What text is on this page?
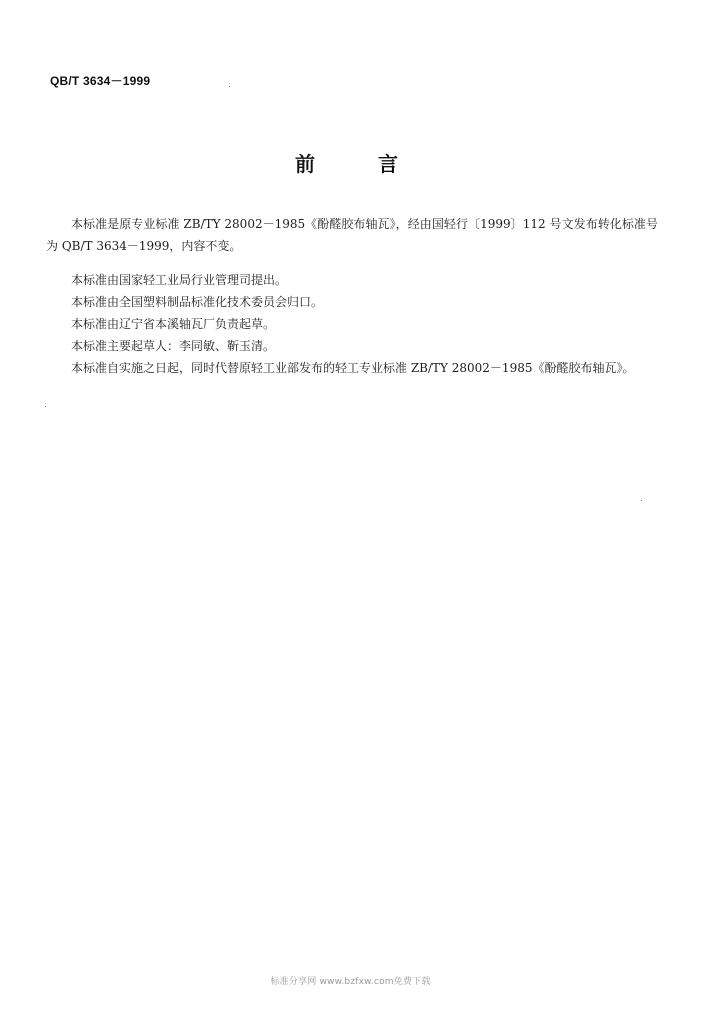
QB/T 3634－1999
前 言

本标准是原专业标准 ZB/TY 28002－1985《酚醛胶布轴瓦》，经由国轻行〔1999〕112 号文发布转化标准号为 QB/T 3634－1999，内容不变。

本标准由国家轻工业局行业管理司提出。

本标准由全国塑料制品标准化技术委员会归口。

本标准由辽宁省本溪轴瓦厂负责起草。

本标准主要起草人：李同敏、靳玉清。

本标准自实施之日起，同时代替原轻工业部发布的轻工专业标准 ZB/TY 28002－1985《酚醛胶布轴瓦》。

标准分享网 www.bzfxw.com免费下载
